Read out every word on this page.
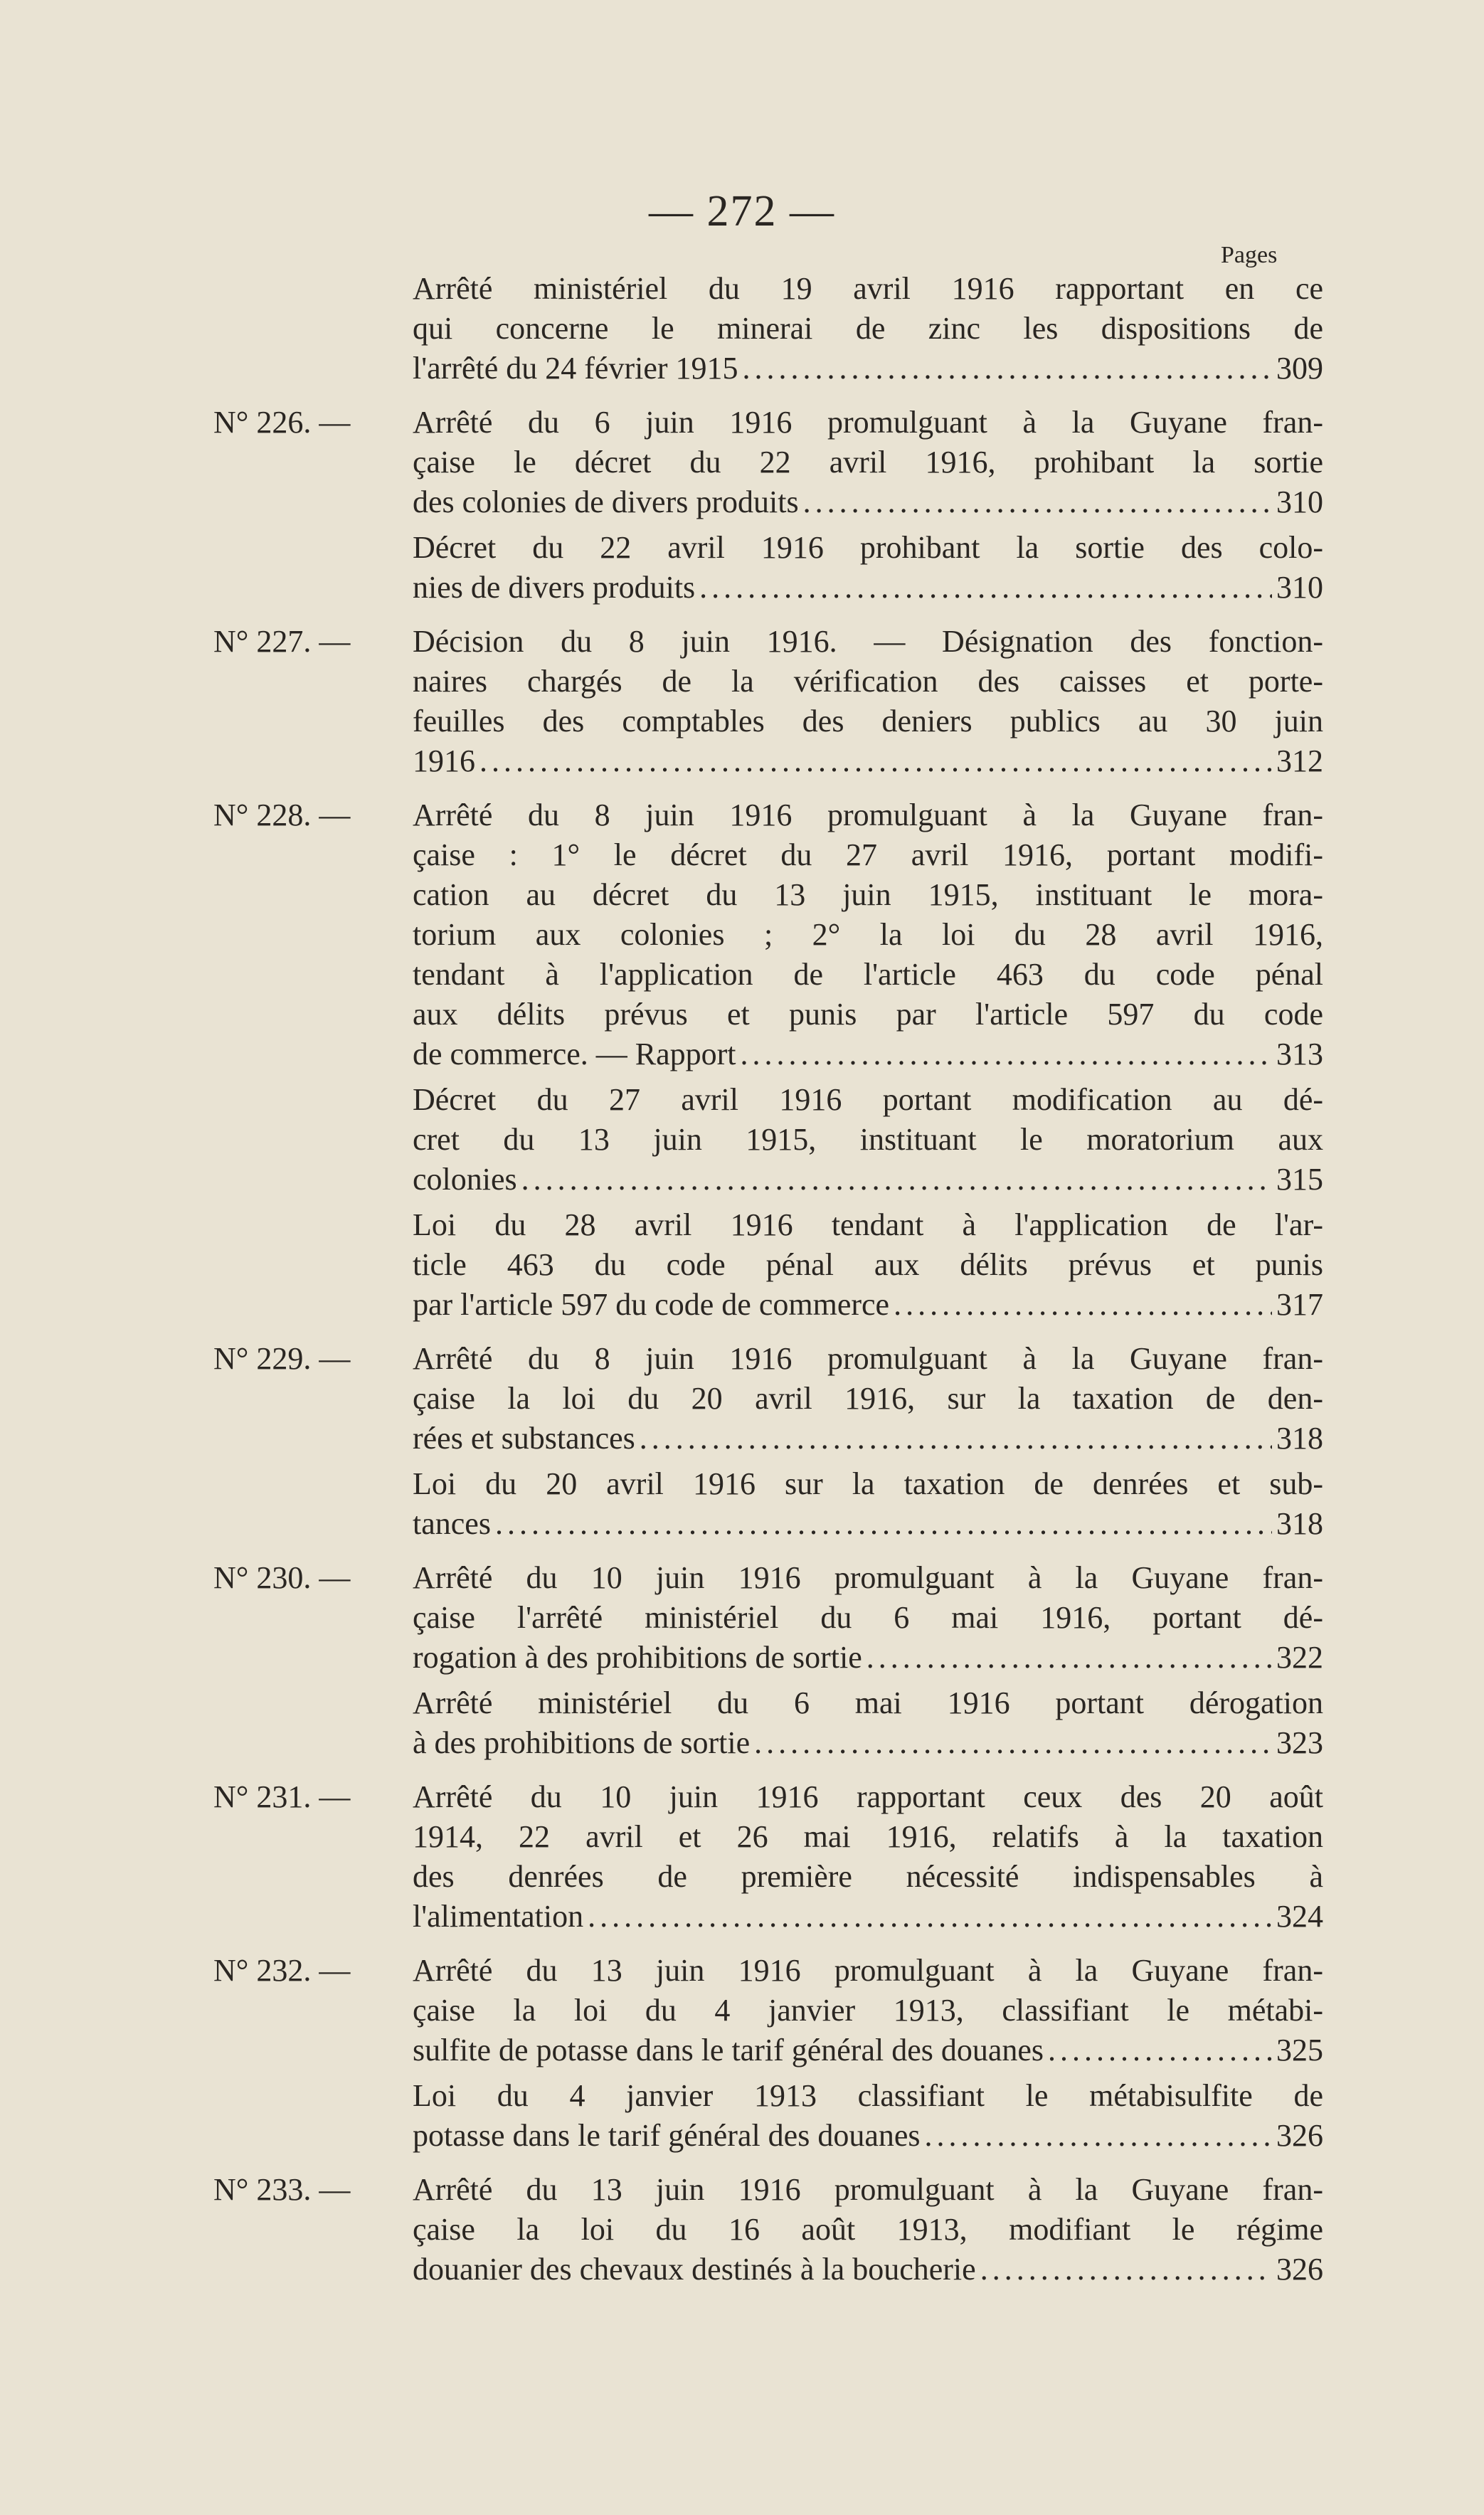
— 272 —
Pages

Arrêté ministériel du 19 avril 1916 rapportant en ce

qui concerne le minerai de zinc les dispositions de

l'arrêté du 24 février 1915 .....	309
N° 226. —	Arrêté du 6 juin 1916 promulguant à la Guyane fran-

çaise le décret du 22 avril 1916, prohibant la sortie

des colonies de divers produits .....	310

Décret du 22 avril 1916 prohibant la sortie des colo-

nies de divers produits .....	310
N° 227. —	Décision du 8 juin 1916. — Désignation des fonction-

naires chargés de la vérification des caisses et porte-

feuilles des comptables des deniers publics au 30 juin

1916 .....	312
N° 228. —	Arrêté du 8 juin 1916 promulguant à la Guyane fran-

çaise : 1° le décret du 27 avril 1916, portant modifi-

cation au décret du 13 juin 1915, instituant le mora-

torium aux colonies ; 2° la loi du 28 avril 1916,

tendant à l'application de l'article 463 du code pénal

aux délits prévus et punis par l'article 597 du code

de commerce. — Rapport .....	313

Décret du 27 avril 1916 portant modification au dé-

cret du 13 juin 1915, instituant le moratorium aux

colonies .....	315

Loi du 28 avril 1916 tendant à l'application de l'ar-

ticle 463 du code pénal aux délits prévus et punis

par l'article 597 du code de commerce .....	317
N° 229. —	Arrêté du 8 juin 1916 promulguant à la Guyane fran-

çaise la loi du 20 avril 1916, sur la taxation de den-

rées et substances .....	318

Loi du 20 avril 1916 sur la taxation de denrées et sub-

tances .....	318
N° 230. —	Arrêté du 10 juin 1916 promulguant à la Guyane fran-

çaise l'arrêté ministériel du 6 mai 1916, portant dé-

rogation à des prohibitions de sortie .....	322

Arrêté ministériel du 6 mai 1916 portant dérogation

à des prohibitions de sortie .....	323
N° 231. —	Arrêté du 10 juin 1916 rapportant ceux des 20 août

1914, 22 avril et 26 mai 1916, relatifs à la taxation

des denrées de première nécessité indispensables à

l'alimentation .....	324
N° 232. —	Arrêté du 13 juin 1916 promulguant à la Guyane fran-

çaise la loi du 4 janvier 1913, classifiant le métabi-

sulfite de potasse dans le tarif général des douanes .....	325

Loi du 4 janvier 1913 classifiant le métabisulfite de

potasse dans le tarif général des douanes .....	326
N° 233. —	Arrêté du 13 juin 1916 promulguant à la Guyane fran-

çaise la loi du 16 août 1913, modifiant le régime

douanier des chevaux destinés à la boucherie .....	326
